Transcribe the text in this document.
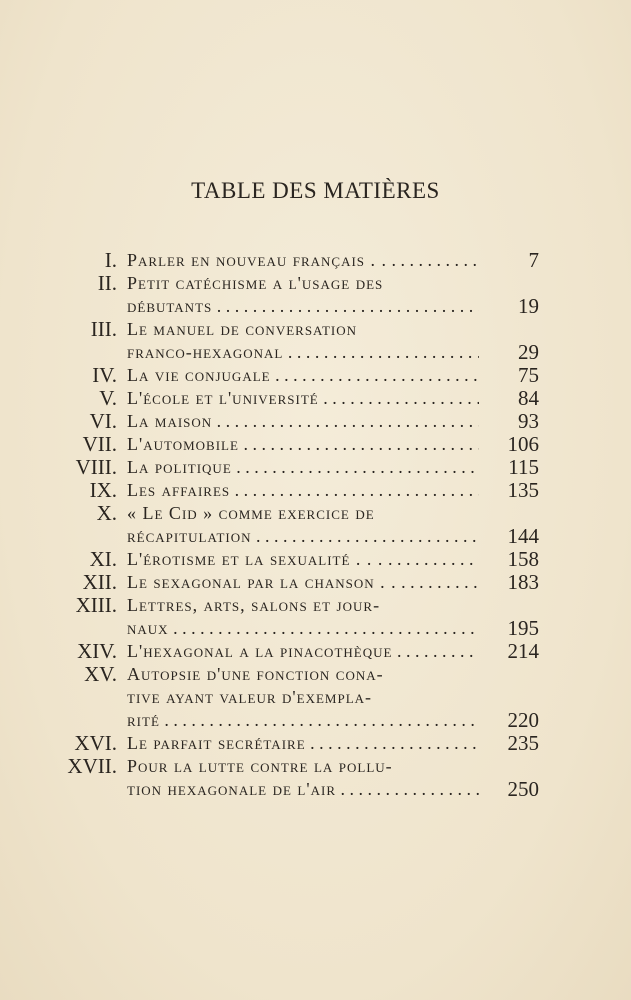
TABLE DES MATIÈRES
I. Parler en nouveau français . . . . .	7
II. Petit catéchisme a l'usage des
débutants . . .	19
III. Le manuel de conversation
franco-hexagonal . . .	29
IV. La vie conjugale . . .	75
V. L'école et l'université . . .	84
VI. La maison . . .	93
VII. L'automobile . . .	106
VIII. La politique . . .	115
IX. Les affaires . . .	135
X. « Le Cid » comme exercice de
récapitulation . . .	144
XI. L'érotisme et la sexualité . . . . . .	158
XII. Le sexagonal par la chanson . . . . .	183
XIII. Lettres, arts, salons et jour-
naux . . .	195
XIV. L'hexagonal a la pinacothèque . . .	214
XV. Autopsie d'une fonction cona-
tive ayant valeur d'exempla-
rité . . .	220
XVI. Le parfait secrétaire . . .	235
XVII. Pour la lutte contre la pollu-
tion hexagonale de l'air . . .	250
